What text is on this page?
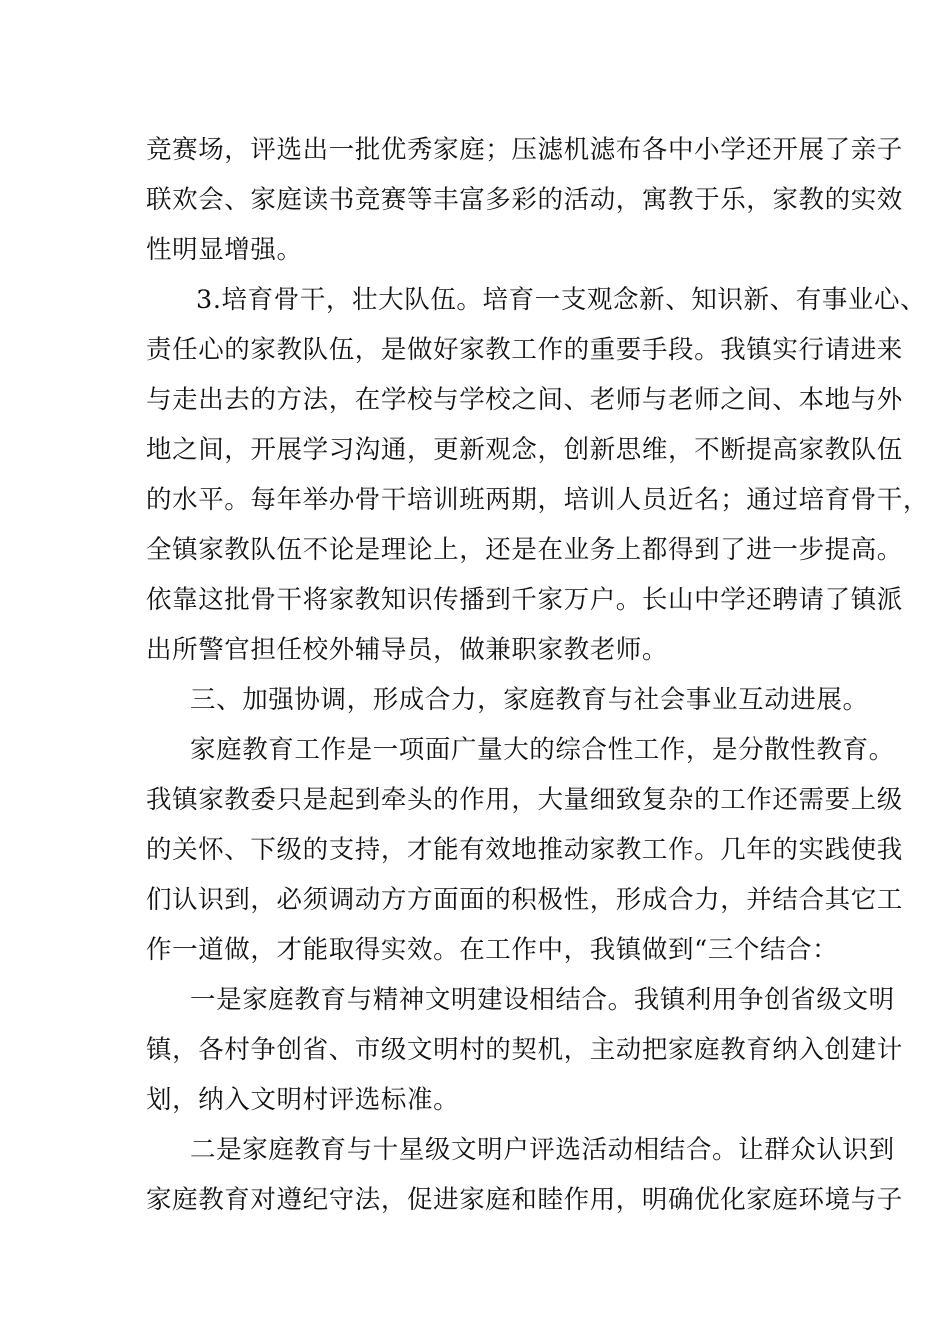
竞赛场，评选出一批优秀家庭；压滤机滤布各中小学还开展了亲子
联欢会、家庭读书竞赛等丰富多彩的活动，寓教于乐，家教的实效
性明显增强。
3.培育骨干，壮大队伍。培育一支观念新、知识新、有事业心、
责任心的家教队伍，是做好家教工作的重要手段。我镇实行请进来
与走出去的方法，在学校与学校之间、老师与老师之间、本地与外
地之间，开展学习沟通，更新观念，创新思维，不断提高家教队伍
的水平。每年举办骨干培训班两期，培训人员近名；通过培育骨干，
全镇家教队伍不论是理论上，还是在业务上都得到了进一步提高。
依靠这批骨干将家教知识传播到千家万户。长山中学还聘请了镇派
出所警官担任校外辅导员，做兼职家教老师。
三、加强协调，形成合力，家庭教育与社会事业互动进展。
家庭教育工作是一项面广量大的综合性工作，是分散性教育。
我镇家教委只是起到牵头的作用，大量细致复杂的工作还需要上级
的关怀、下级的支持，才能有效地推动家教工作。几年的实践使我
们认识到，必须调动方方面面的积极性，形成合力，并结合其它工
作一道做，才能取得实效。在工作中，我镇做到“三个结合：
一是家庭教育与精神文明建设相结合。我镇利用争创省级文明
镇，各村争创省、市级文明村的契机，主动把家庭教育纳入创建计
划，纳入文明村评选标准。
二是家庭教育与十星级文明户评选活动相结合。让群众认识到
家庭教育对遵纪守法，促进家庭和睦作用，明确优化家庭环境与子
